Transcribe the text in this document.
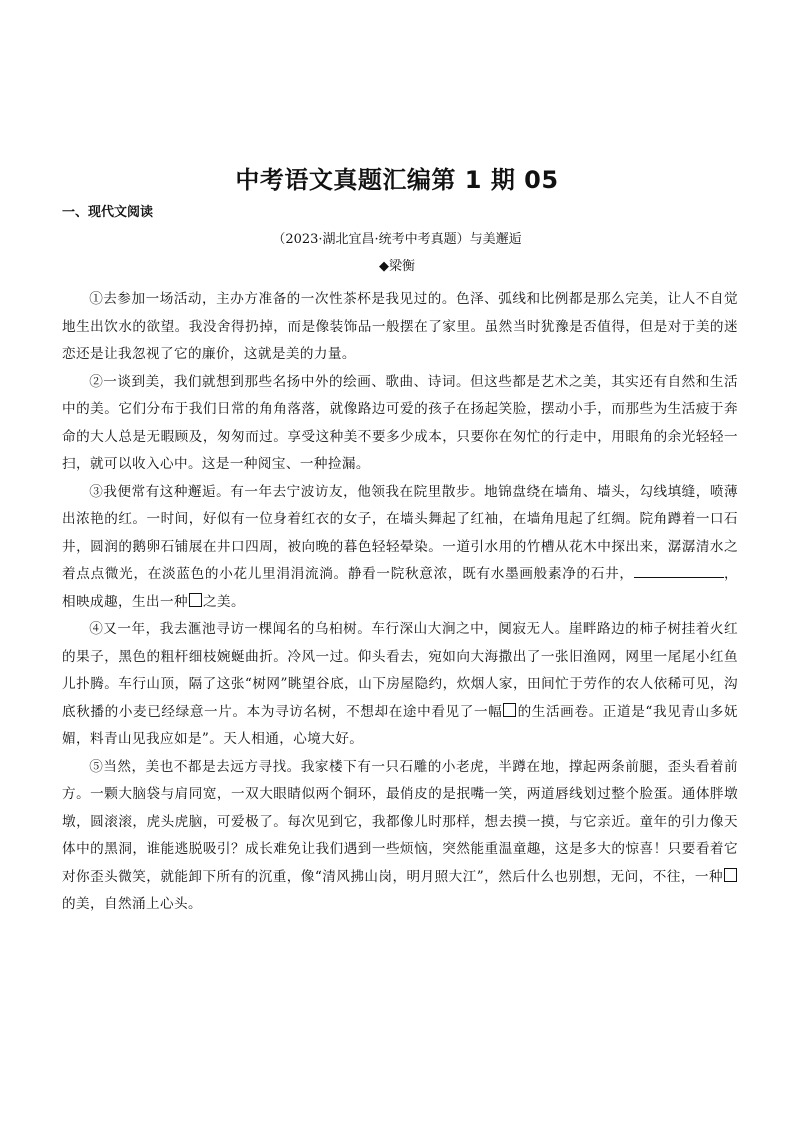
中考语文真题汇编第 1 期 05
一、现代文阅读
（2023·湖北宜昌·统考中考真题）与美邂逅
◆梁衡

①去参加一场活动，主办方准备的一次性茶杯是我见过的。色泽、弧线和比例都是那么完美，让人不自觉地生出饮水的欲望。我没舍得扔掉，而是像装饰品一般摆在了家里。虽然当时犹豫是否值得，但是对于美的迷恋还是让我忽视了它的廉价，这就是美的力量。

②一谈到美，我们就想到那些名扬中外的绘画、歌曲、诗词。但这些都是艺术之美，其实还有自然和生活中的美。它们分布于我们日常的角角落落，就像路边可爱的孩子在扬起笑脸，摆动小手，而那些为生活疲于奔命的大人总是无暇顾及，匆匆而过。享受这种美不要多少成本，只要你在匆忙的行走中，用眼角的余光轻轻一扫，就可以收入心中。这是一种阅宝、一种捡漏。

③我便常有这种邂逅。有一年去宁波访友，他领我在院里散步。地锦盘绕在墙角、墙头，勾线填缝，喷薄出浓艳的红。一时间，好似有一位身着红衣的女子，在墙头舞起了红袖，在墙角甩起了红绸。院角蹲着一口石井，圆润的鹅卵石铺展在井口四周，被向晚的暮色轻轻晕染。一道引水用的竹槽从花木中探出来，潺潺清水之着点点微光，在淡蓝色的小花儿里涓涓流淌。静看一院秋意浓，既有水墨画般素净的石井，	，相映成趣，生出一种 之美。

④又一年，我去滙池寻访一棵闻名的乌桕树。车行深山大涧之中，阒寂无人。崖畔路边的柿子树挂着火红的果子，黑色的粗杆细枝婉蜒曲折。冷风一过。仰头看去，宛如向大海撒出了一张旧渔网，网里一尾尾小红鱼儿扑腾。车行山顶，隔了这张“树网”眺望谷底，山下房屋隐约，炊烟人家，田间忙于劳作的农人依稀可见，沟底秋播的小麦已经绿意一片。本为寻访名树，不想却在途中看见了一幅 的生活画卷。正道是“我见青山多妩媚，料青山见我应如是”。天人相通，心境大好。

⑤当然，美也不都是去远方寻找。我家楼下有一只石雕的小老虎，半蹲在地，撑起两条前腿，歪头看着前方。一颗大脑袋与肩同宽，一双大眼睛似两个铜环，最俏皮的是抿嘴一笑，两道唇线划过整个脸蛋。通体胖墩墩，圆滚滚，虎头虎脑，可爱极了。每次见到它，我都像儿时那样，想去摸一摸，与它亲近。童年的引力像天体中的黑洞，谁能逃脱吸引？成长难免让我们遇到一些烦恼，突然能重温童趣，这是多大的惊喜！只要看着它对你歪头微笑，就能卸下所有的沉重，像“清风拂山岗，明月照大江”，然后什么也别想，无问，不往，一种的美，自然涌上心头。
